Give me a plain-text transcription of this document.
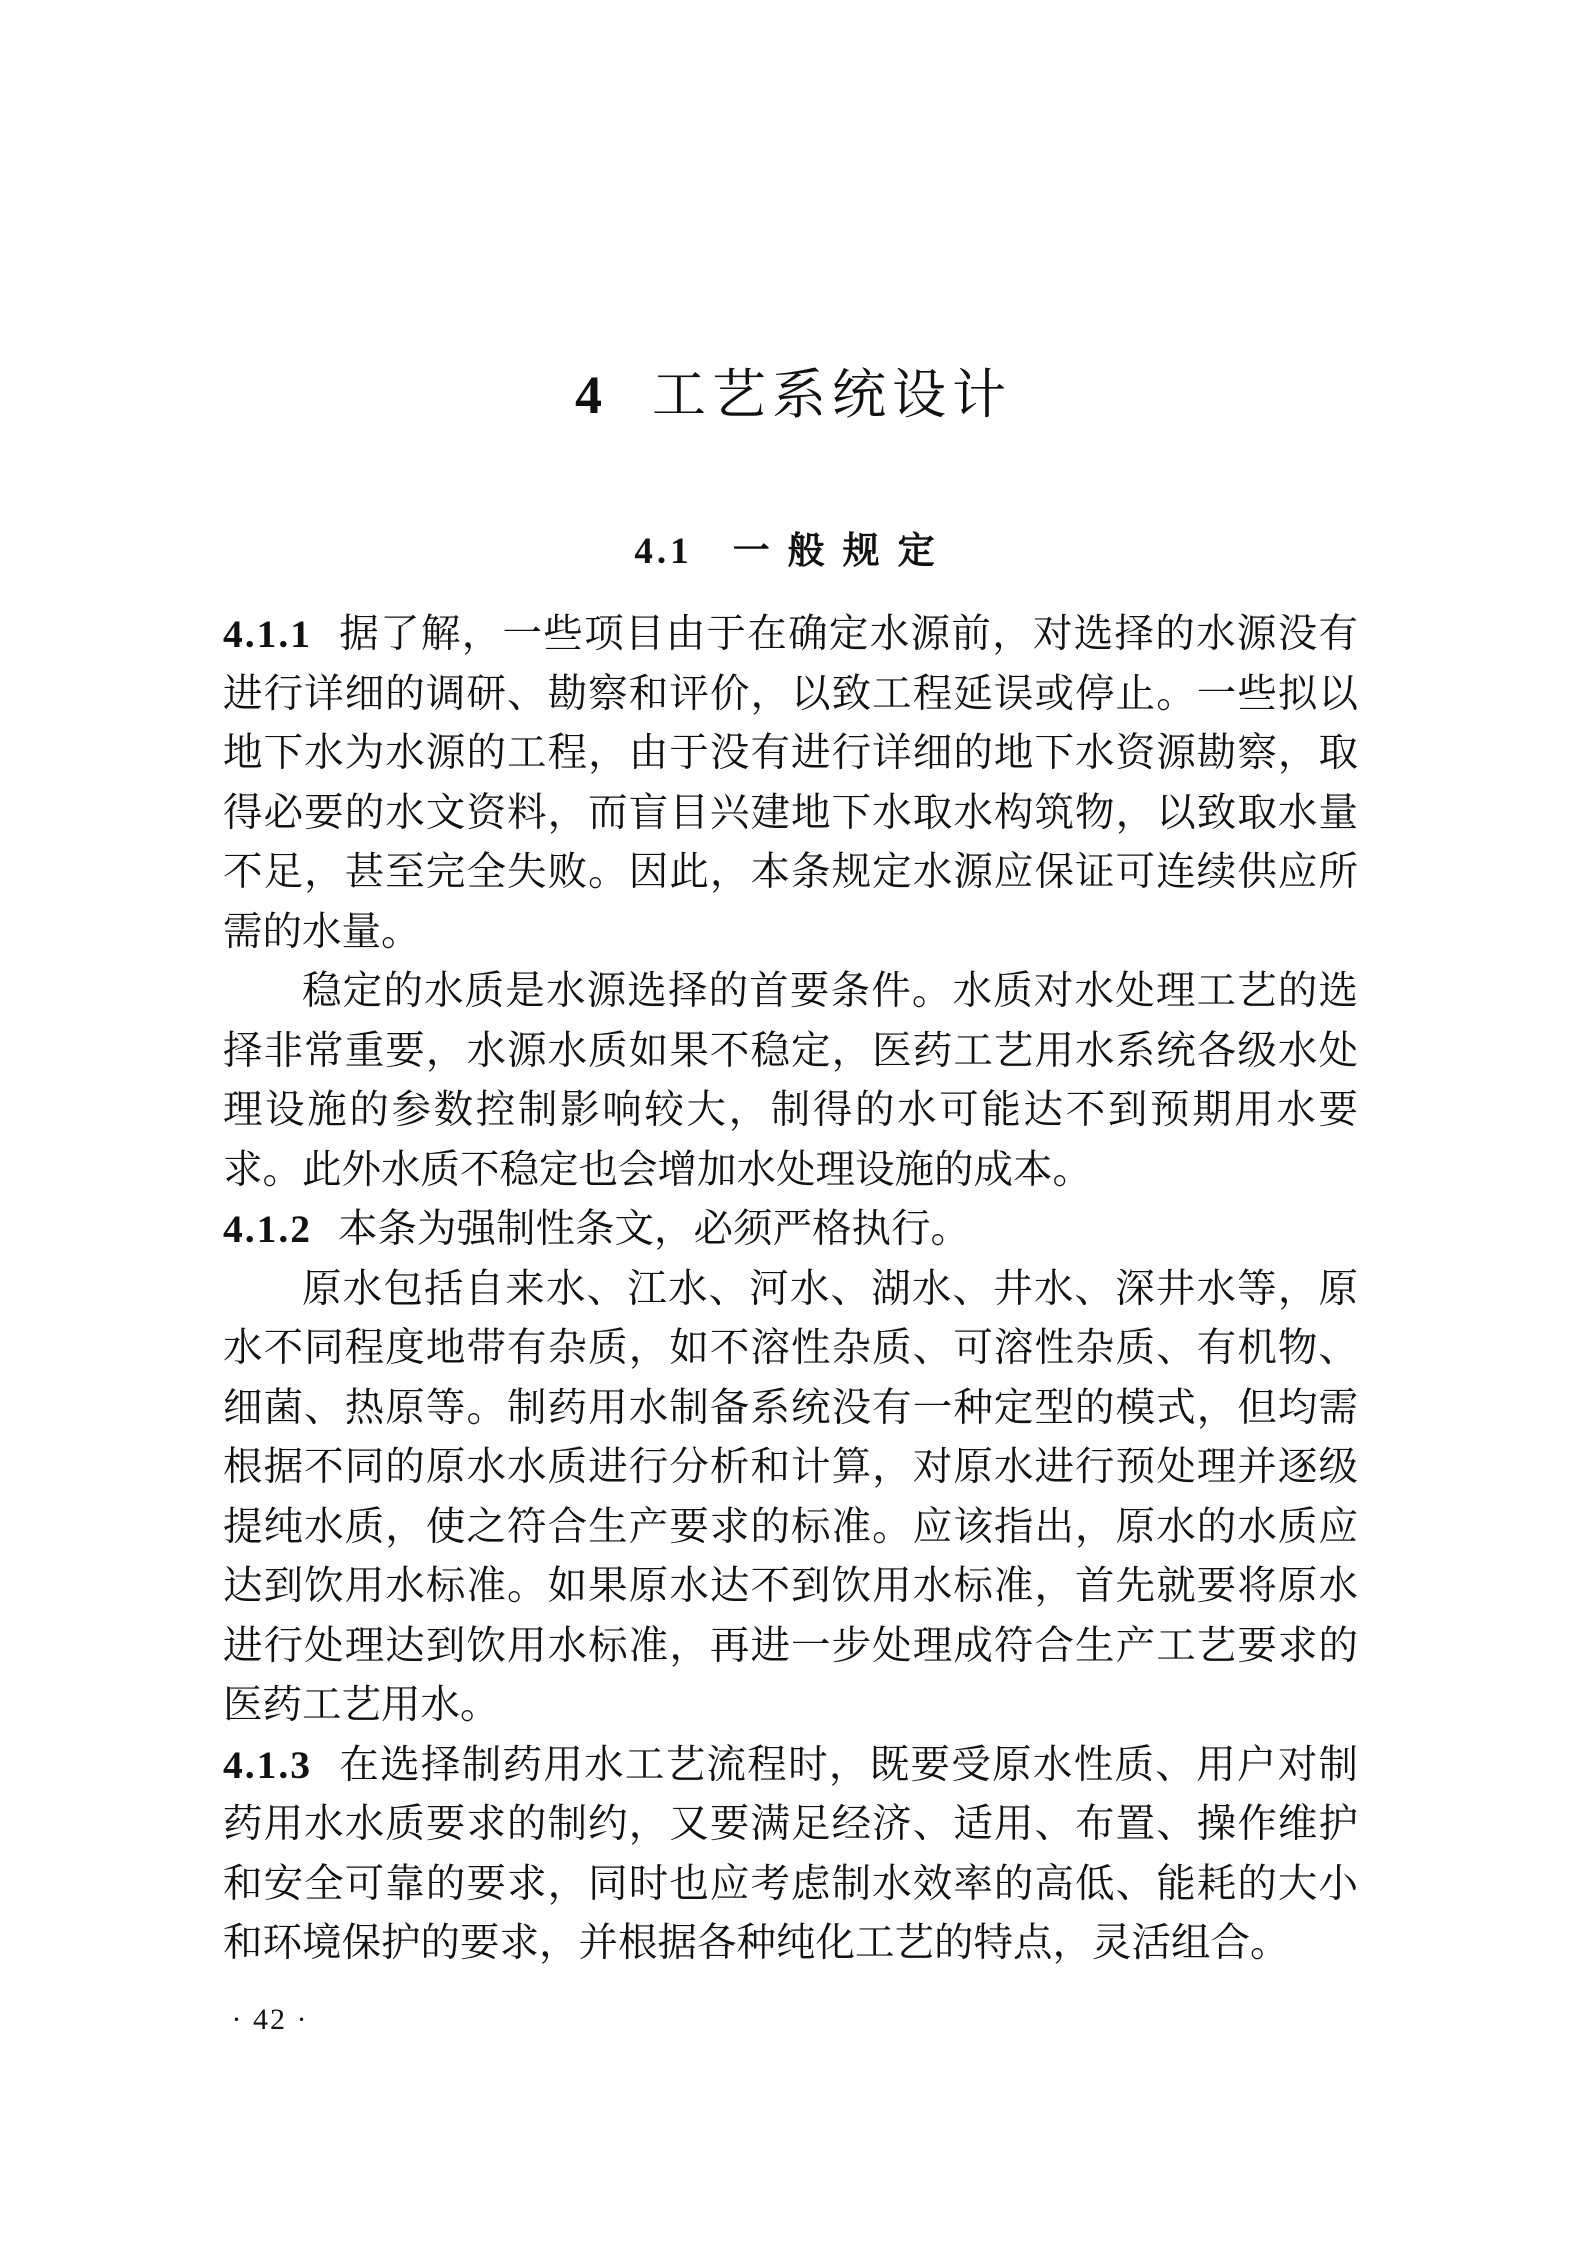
4 工艺系统设计
4.1 一般规定

4.1.1 据了解，一些项目由于在确定水源前，对选择的水源没有进行详细的调研、勘察和评价，以致工程延误或停止。一些拟以地下水为水源的工程，由于没有进行详细的地下水资源勘察，取得必要的水文资料，而盲目兴建地下水取水构筑物，以致取水量不足，甚至完全失败。因此，本条规定水源应保证可连续供应所需的水量。

稳定的水质是水源选择的首要条件。水质对水处理工艺的选择非常重要，水源水质如果不稳定，医药工艺用水系统各级水处理设施的参数控制影响较大，制得的水可能达不到预期用水要求。此外水质不稳定也会增加水处理设施的成本。

4.1.2 本条为强制性条文，必须严格执行。

原水包括自来水、江水、河水、湖水、井水、深井水等，原水不同程度地带有杂质，如不溶性杂质、可溶性杂质、有机物、细菌、热原等。制药用水制备系统没有一种定型的模式，但均需根据不同的原水水质进行分析和计算，对原水进行预处理并逐级提纯水质，使之符合生产要求的标准。应该指出，原水的水质应达到饮用水标准。如果原水达不到饮用水标准，首先就要将原水进行处理达到饮用水标准，再进一步处理成符合生产工艺要求的医药工艺用水。

4.1.3 在选择制药用水工艺流程时，既要受原水性质、用户对制药用水水质要求的制约，又要满足经济、适用、布置、操作维护和安全可靠的要求，同时也应考虑制水效率的高低、能耗的大小和环境保护的要求，并根据各种纯化工艺的特点，灵活组合。

· 42 ·
